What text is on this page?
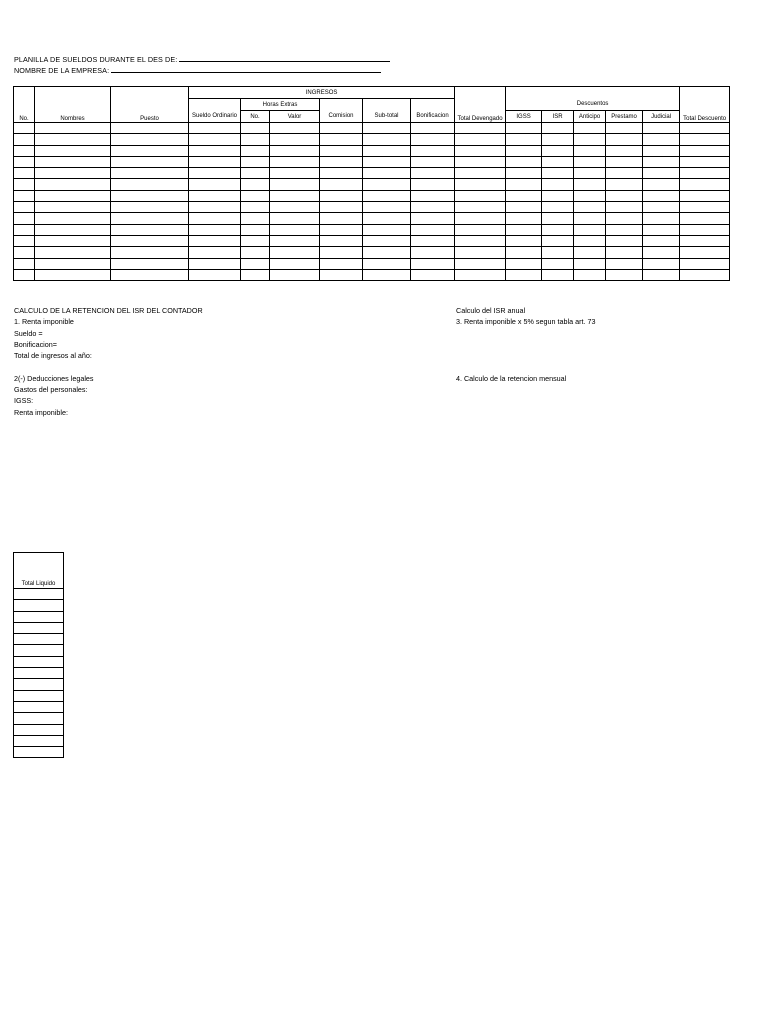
PLANILLA DE SUELDOS DURANTE EL DES DE:
NOMBRE DE LA EMPRESA:
No.	Nombres	Puesto	INGRESOS						Total Devengado						Total Descuento
				Horas Extras						Descuentos					
			Sueldo Ordinario	No.	Valor	Comision	Sub-total	Bonificacion		IGSS	ISR	Anticipo	Prestamo	Judicial	

CALCULO DE LA RETENCION DEL ISR DEL CONTADOR
1. Renta imponible
Sueldo =
Bonificacion=
Total de ingresos al año:
2(-) Deducciones legales
Gastos del personales:
IGSS:
Renta imponible:
Calculo del ISR anual
3. Renta imponible x 5% segun tabla art. 73
4. Calculo de la retencion mensual
Total Liquido
